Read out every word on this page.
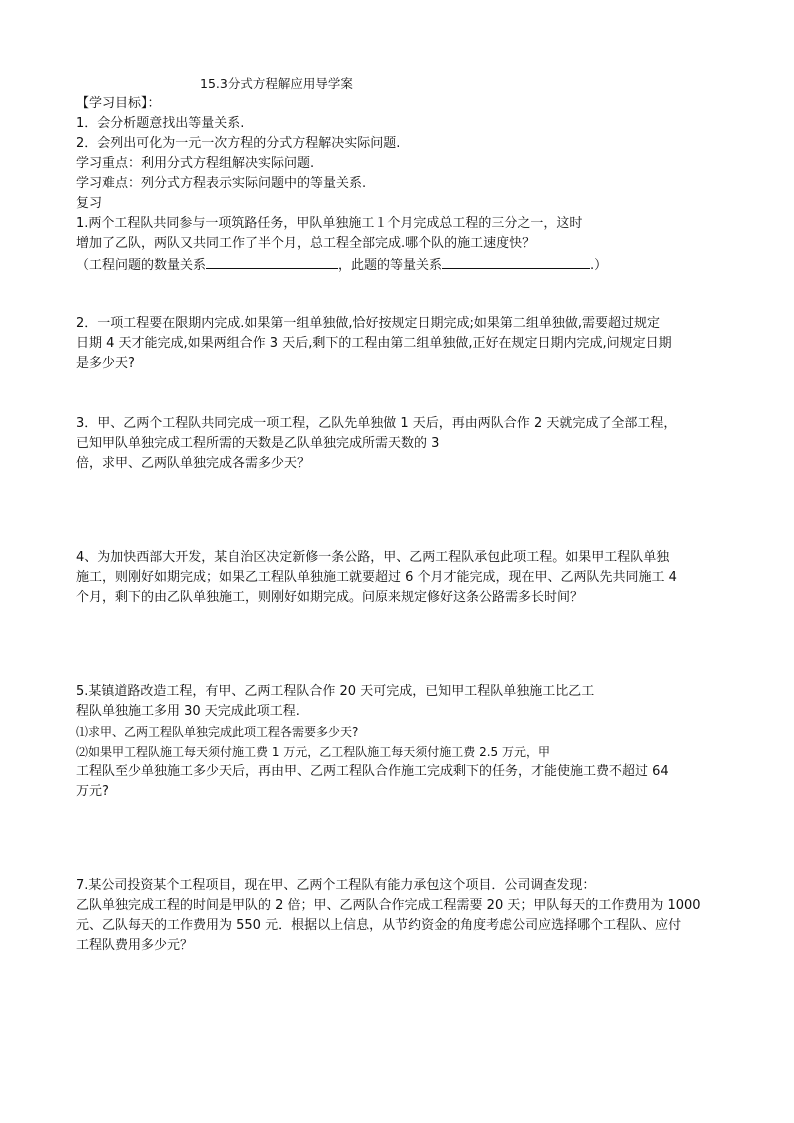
15.3分式方程解应用导学案
【学习目标】：
1．会分析题意找出等量关系.
2．会列出可化为一元一次方程的分式方程解决实际问题.
学习重点：利用分式方程组解决实际问题.
学习难点：列分式方程表示实际问题中的等量关系.
复习
1.两个工程队共同参与一项筑路任务，甲队单独施工１个月完成总工程的三分之一，这时
增加了乙队，两队又共同工作了半个月，总工程全部完成.哪个队的施工速度快？
（工程问题的数量关系	，此题的等量关系	.）
2．一项工程要在限期内完成.如果第一组单独做,恰好按规定日期完成;如果第二组单独做,需要超过规定
日期 4 天才能完成,如果两组合作 3 天后,剩下的工程由第二组单独做,正好在规定日期内完成,问规定日期
是多少天?
3．甲、乙两个工程队共同完成一项工程，乙队先单独做 1 天后，再由两队合作 2 天就完成了全部工程，
已知甲队单独完成工程所需的天数是乙队单独完成所需天数的 3
倍，求甲、乙两队单独完成各需多少天？
4、为加快西部大开发，某自治区决定新修一条公路，甲、乙两工程队承包此项工程。如果甲工程队单独
施工，则刚好如期完成；如果乙工程队单独施工就要超过 6 个月才能完成，现在甲、乙两队先共同施工 4
个月，剩下的由乙队单独施工，则刚好如期完成。问原来规定修好这条公路需多长时间？
5.某镇道路改造工程，有甲、乙两工程队合作 20 天可完成，已知甲工程队单独施工比乙工
程队单独施工多用 30 天完成此项工程.
⑴求甲、乙两工程队单独完成此项工程各需要多少天?
⑵如果甲工程队施工每天须付施工费 1 万元，乙工程队施工每天须付施工费 2.5 万元，甲
工程队至少单独施工多少天后，再由甲、乙两工程队合作施工完成剩下的任务，才能使施工费不超过 64
万元?
7.某公司投资某个工程项目，现在甲、乙两个工程队有能力承包这个项目．公司调查发现：
乙队单独完成工程的时间是甲队的 2 倍；甲、乙两队合作完成工程需要 20 天；甲队每天的工作费用为 1000
元、乙队每天的工作费用为 550 元．根据以上信息，从节约资金的角度考虑公司应选择哪个工程队、应付
工程队费用多少元？
